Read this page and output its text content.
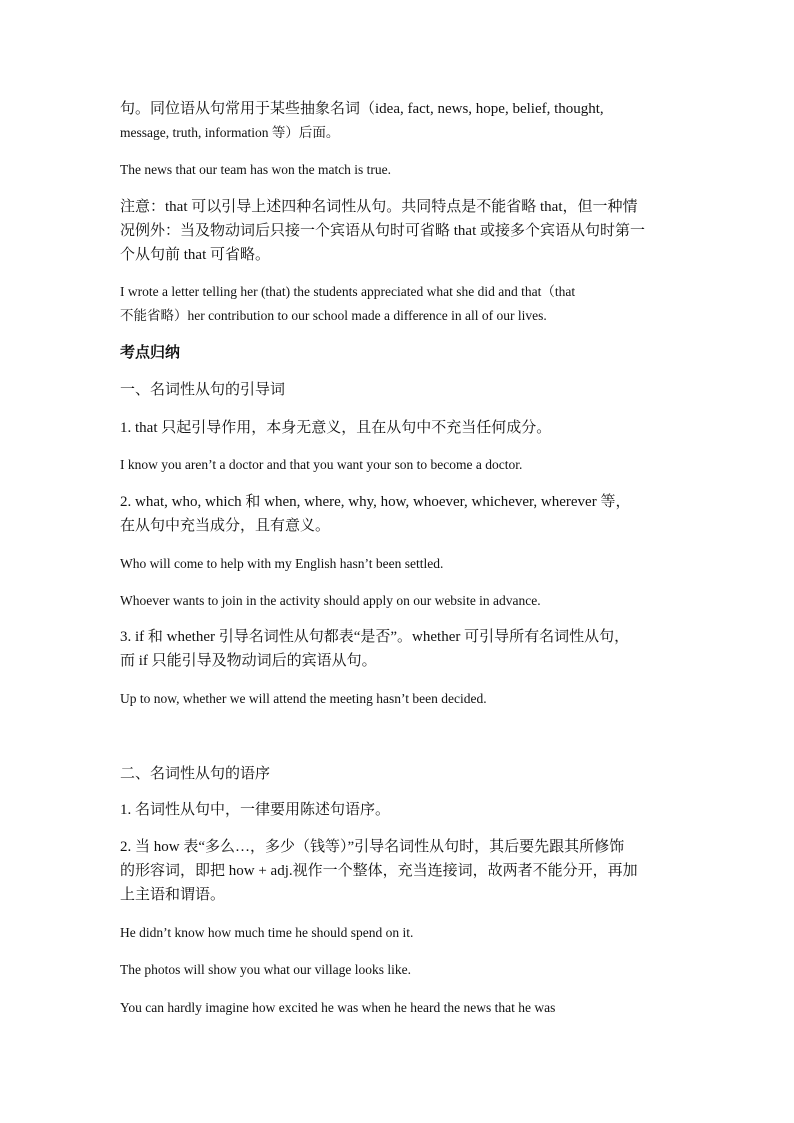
句。同位语从句常用于某些抽象名词（idea, fact, news, hope, belief, thought,
message, truth, information 等）后面。
The news that our team has won the match is true.
注意：that 可以引导上述四种名词性从句。共同特点是不能省略 that，但一种情
况例外：当及物动词后只接一个宾语从句时可省略 that 或接多个宾语从句时第一
个从句前 that 可省略。
I wrote a letter telling her (that) the students appreciated what she did and that（that
不能省略）her contribution to our school made a difference in all of our lives.
考点归纳
一、名词性从句的引导词
1. that 只起引导作用，本身无意义，且在从句中不充当任何成分。
I know you aren’t a doctor and that you want your son to become a doctor.
2. what, who, which 和 when, where, why, how, whoever, whichever, wherever 等，
在从句中充当成分，且有意义。
Who will come to help with my English hasn’t been settled.
Whoever wants to join in the activity should apply on our website in advance.
3. if 和 whether 引导名词性从句都表“是否”。whether 可引导所有名词性从句，
而 if 只能引导及物动词后的宾语从句。
Up to now, whether we will attend the meeting hasn’t been decided.
二、名词性从句的语序
1. 名词性从句中，一律要用陈述句语序。
2. 当 how 表“多么…，多少（钱等）”引导名词性从句时，其后要先跟其所修饰
的形容词，即把 how + adj.视作一个整体，充当连接词，故两者不能分开，再加
上主语和谓语。
He didn’t know how much time he should spend on it.
The photos will show you what our village looks like.
You can hardly imagine how excited he was when he heard the news that he was
